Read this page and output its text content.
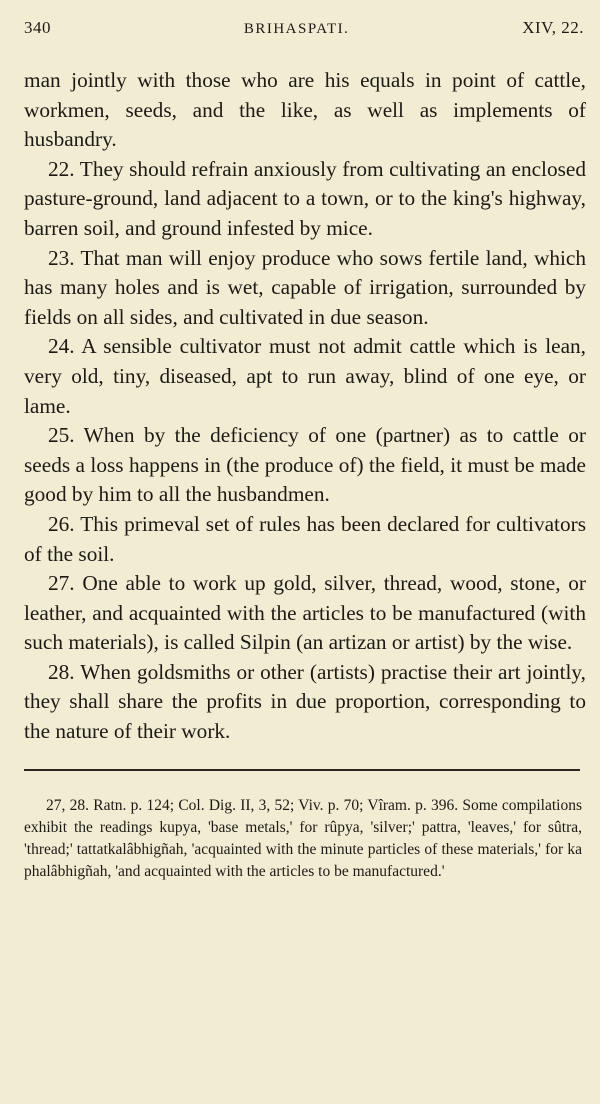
340	BRIHASPATI.	XIV, 22.

man jointly with those who are his equals in point of cattle, workmen, seeds, and the like, as well as implements of husbandry.

22. They should refrain anxiously from cultivating an enclosed pasture-ground, land adjacent to a town, or to the king's highway, barren soil, and ground infested by mice.

23. That man will enjoy produce who sows fertile land, which has many holes and is wet, capable of irrigation, surrounded by fields on all sides, and cultivated in due season.

24. A sensible cultivator must not admit cattle which is lean, very old, tiny, diseased, apt to run away, blind of one eye, or lame.

25. When by the deficiency of one (partner) as to cattle or seeds a loss happens in (the produce of) the field, it must be made good by him to all the husbandmen.

26. This primeval set of rules has been declared for cultivators of the soil.

27. One able to work up gold, silver, thread, wood, stone, or leather, and acquainted with the articles to be manufactured (with such materials), is called Silpin (an artizan or artist) by the wise.

28. When goldsmiths or other (artists) practise their art jointly, they shall share the profits in due proportion, corresponding to the nature of their work.

27, 28. Ratn. p. 124; Col. Dig. II, 3, 52; Viv. p. 70; Vîram. p. 396. Some compilations exhibit the readings kupya, 'base metals,' for rûpya, 'silver;' pattra, 'leaves,' for sûtra, 'thread;' tattatkalâbhigñah, 'acquainted with the minute particles of these materials,' for ka phalâbhigñah, 'and acquainted with the articles to be manufactured.'
